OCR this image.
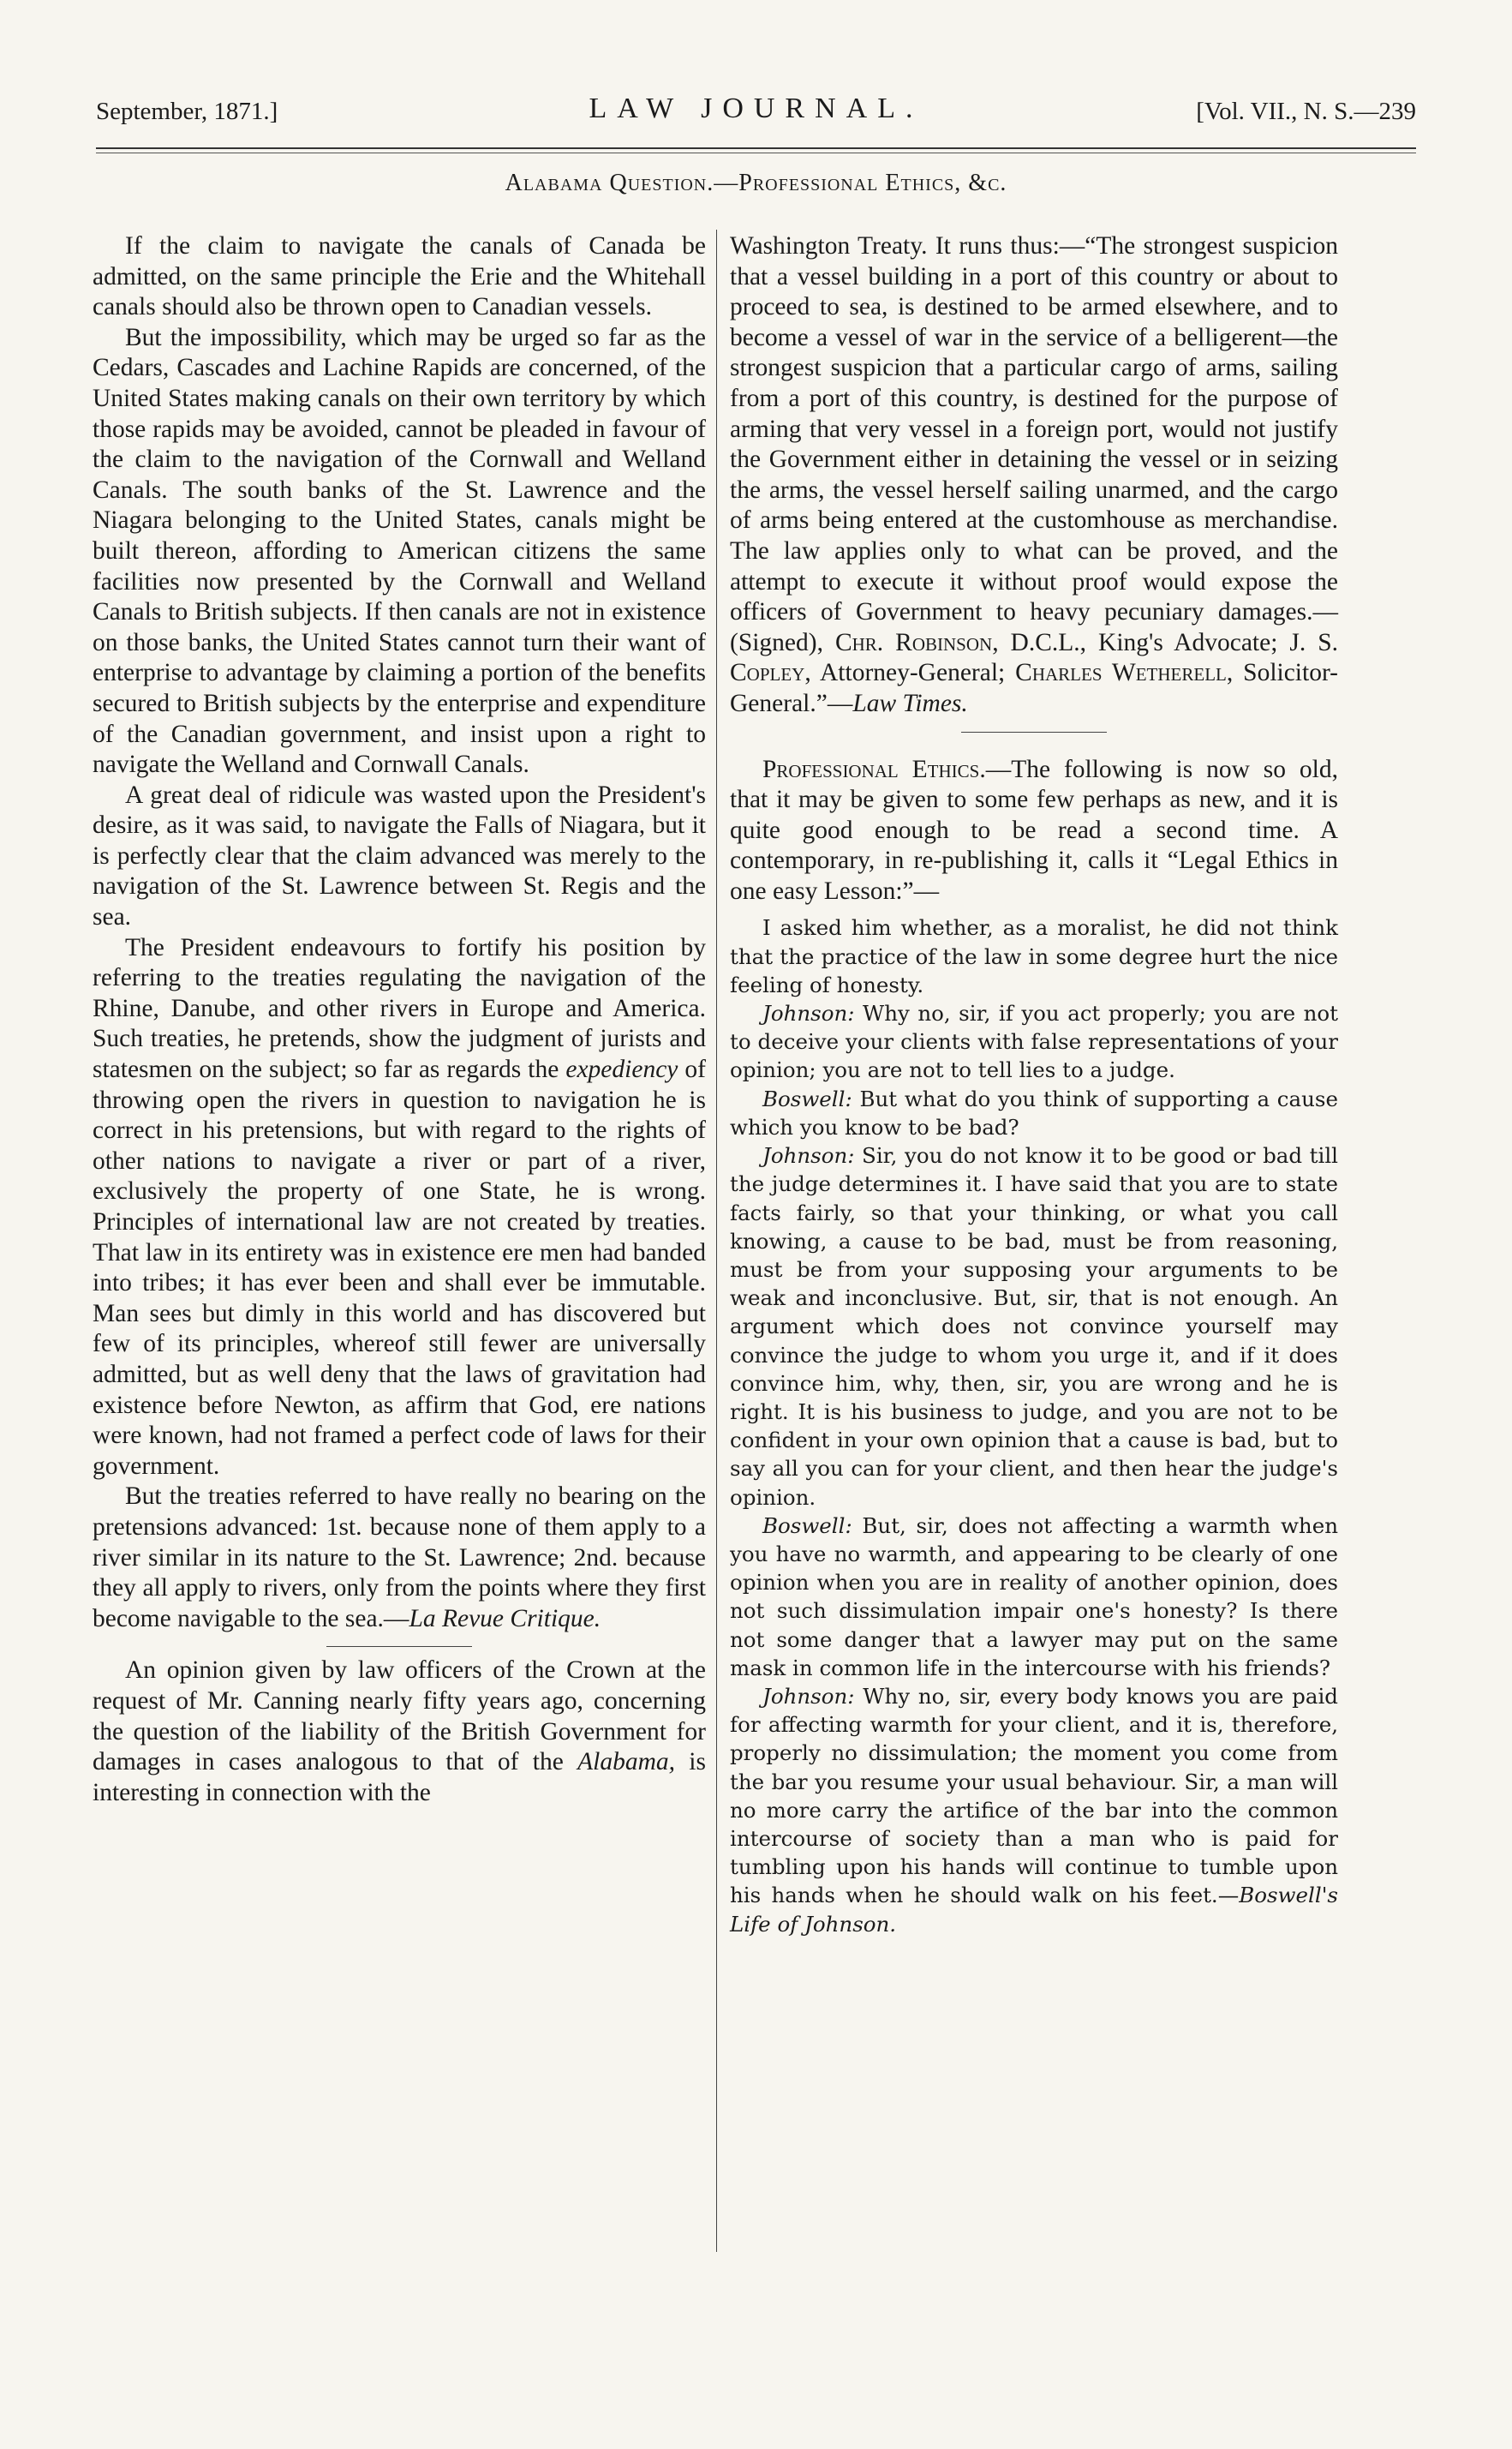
September, 1871.]	LAW JOURNAL.	[Vol. VII., N. S.—239
Alabama Question.—Professional Ethics, &c.

If the claim to navigate the canals of Canada be admitted, on the same principle the Erie and the Whitehall canals should also be thrown open to Canadian vessels.

But the impossibility, which may be urged so far as the Cedars, Cascades and Lachine Rapids are concerned, of the United States making canals on their own territory by which those rapids may be avoided, cannot be pleaded in favour of the claim to the navigation of the Cornwall and Welland Canals. The south banks of the St. Lawrence and the Niagara belonging to the United States, canals might be built thereon, affording to American citizens the same facilities now presented by the Cornwall and Welland Canals to British subjects. If then canals are not in existence on those banks, the United States cannot turn their want of enterprise to advantage by claiming a portion of the benefits secured to British subjects by the enterprise and expenditure of the Canadian government, and insist upon a right to navigate the Welland and Cornwall Canals.

A great deal of ridicule was wasted upon the President's desire, as it was said, to navigate the Falls of Niagara, but it is perfectly clear that the claim advanced was merely to the navigation of the St. Lawrence between St. Regis and the sea.

The President endeavours to fortify his position by referring to the treaties regulating the navigation of the Rhine, Danube, and other rivers in Europe and America. Such treaties, he pretends, show the judgment of jurists and statesmen on the subject; so far as regards the expediency of throwing open the rivers in question to navigation he is correct in his pretensions, but with regard to the rights of other nations to navigate a river or part of a river, exclusively the property of one State, he is wrong. Principles of international law are not created by treaties. That law in its entirety was in existence ere men had banded into tribes; it has ever been and shall ever be immutable. Man sees but dimly in this world and has discovered but few of its principles, whereof still fewer are universally admitted, but as well deny that the laws of gravitation had existence before Newton, as affirm that God, ere nations were known, had not framed a perfect code of laws for their government.

But the treaties referred to have really no bearing on the pretensions advanced: 1st. because none of them apply to a river similar in its nature to the St. Lawrence; 2nd. because they all apply to rivers, only from the points where they first become navigable to the sea.—La Revue Critique.

An opinion given by law officers of the Crown at the request of Mr. Canning nearly fifty years ago, concerning the question of the liability of the British Government for damages in cases analogous to that of the Alabama, is interesting in connection with the

Washington Treaty. It runs thus:—“The strongest suspicion that a vessel building in a port of this country or about to proceed to sea, is destined to be armed elsewhere, and to become a vessel of war in the service of a belligerent—the strongest suspicion that a particular cargo of arms, sailing from a port of this country, is destined for the purpose of arming that very vessel in a foreign port, would not justify the Government either in detaining the vessel or in seizing the arms, the vessel herself sailing unarmed, and the cargo of arms being entered at the customhouse as merchandise. The law applies only to what can be proved, and the attempt to execute it without proof would expose the officers of Government to heavy pecuniary damages.—(Signed), Chr. Robinson, D.C.L., King's Advocate; J. S. Copley, Attorney-General; Charles Wetherell, Solicitor-General.”—Law Times.

Professional Ethics.—The following is now so old, that it may be given to some few perhaps as new, and it is quite good enough to be read a second time. A contemporary, in re-publishing it, calls it “Legal Ethics in one easy Lesson:”—

I asked him whether, as a moralist, he did not think that the practice of the law in some degree hurt the nice feeling of honesty.

Johnson: Why no, sir, if you act properly; you are not to deceive your clients with false representations of your opinion; you are not to tell lies to a judge.

Boswell: But what do you think of supporting a cause which you know to be bad?

Johnson: Sir, you do not know it to be good or bad till the judge determines it. I have said that you are to state facts fairly, so that your thinking, or what you call knowing, a cause to be bad, must be from reasoning, must be from your supposing your arguments to be weak and inconclusive. But, sir, that is not enough. An argument which does not convince yourself may convince the judge to whom you urge it, and if it does convince him, why, then, sir, you are wrong and he is right. It is his business to judge, and you are not to be confident in your own opinion that a cause is bad, but to say all you can for your client, and then hear the judge's opinion.

Boswell: But, sir, does not affecting a warmth when you have no warmth, and appearing to be clearly of one opinion when you are in reality of another opinion, does not such dissimulation impair one's honesty? Is there not some danger that a lawyer may put on the same mask in common life in the intercourse with his friends?

Johnson: Why no, sir, every body knows you are paid for affecting warmth for your client, and it is, therefore, properly no dissimulation; the moment you come from the bar you resume your usual behaviour. Sir, a man will no more carry the artifice of the bar into the common intercourse of society than a man who is paid for tumbling upon his hands will continue to tumble upon his hands when he should walk on his feet.—Boswell's Life of Johnson.
